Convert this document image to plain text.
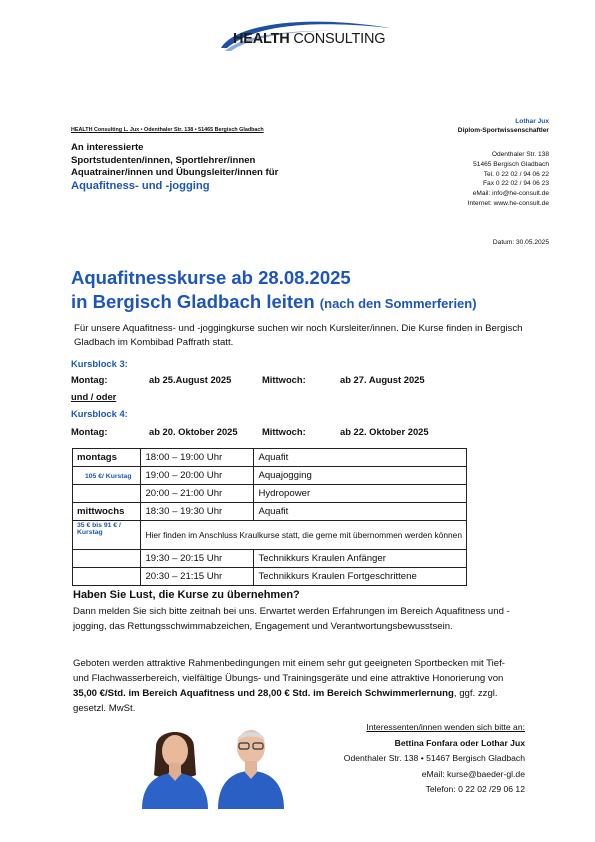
HEALTH CONSULTING
HEALTH Consulting L. Jux • Odenthaler Str. 138 • 51465 Bergisch Gladbach
An interessierte
Sportstudenten/innen, Sportlehrer/innen
Aquatrainer/innen und Übungsleiter/innen für
Aquafitness- und -jogging
Lothar Jux
Diplom-Sportwissenschaftler
Odenthaler Str. 138
51465 Bergisch Gladbach
Tel. 0 22 02 / 94 06 22
Fax 0 22 02 / 94 06 23
eMail: info@he-consult.de
Internet: www.he-consult.de
Datum: 30.05.2025
Aquafitnesskurse ab 28.08.2025
in Bergisch Gladbach leiten (nach den Sommerferien)
Für unsere Aquafitness- und -joggingkurse suchen wir noch Kursleiter/innen. Die Kurse finden in Bergisch Gladbach im Kombibad Paffrath statt.
Kursblock 3:
Montag:	ab 25.August 2025	Mittwoch:	ab 27. August 2025
und / oder
Kursblock 4:
Montag:	ab 20. Oktober 2025	Mittwoch:	ab 22. Oktober 2025
montags	18:00 – 19:00 Uhr	Aquafit
105 €/ Kurstag	19:00 – 20:00 Uhr	Aquajogging
	20:00 – 21:00 Uhr	Hydropower
mittwochs	18:30 – 19:30 Uhr	Aquafit

35 € bis 91 € /
Kurstag	Hier finden im Anschluss Kraulkurse statt, die gerne mit übernommen werden können	
	19:30 – 20:15 Uhr	Technikkurs Kraulen Anfänger
	20:30 – 21:15 Uhr	Technikkurs Kraulen Fortgeschrittene
Haben Sie Lust, die Kurse zu übernehmen?
Dann melden Sie sich bitte zeitnah bei uns. Erwartet werden Erfahrungen im Bereich Aquafitness und -jogging, das Rettungsschwimmabzeichen, Engagement und Verantwortungsbewusstsein.
Geboten werden attraktive Rahmenbedingungen mit einem sehr gut geeigneten Sportbecken mit Tief- und Flachwasserbereich, vielfältige Übungs- und Trainingsgeräte und eine attraktive Honorierung von 35,00 €/Std. im Bereich Aquafitness und 28,00 € Std. im Bereich Schwimmerlernung, ggf. zzgl. gesetzl. MwSt.
Interessenten/innen wenden sich bitte an:
Bettina Fonfara oder Lothar Jux
Odenthaler Str. 138 • 51467 Bergisch Gladbach
eMail: kurse@baeder-gl.de
Telefon: 0 22 02 /29 06 12
